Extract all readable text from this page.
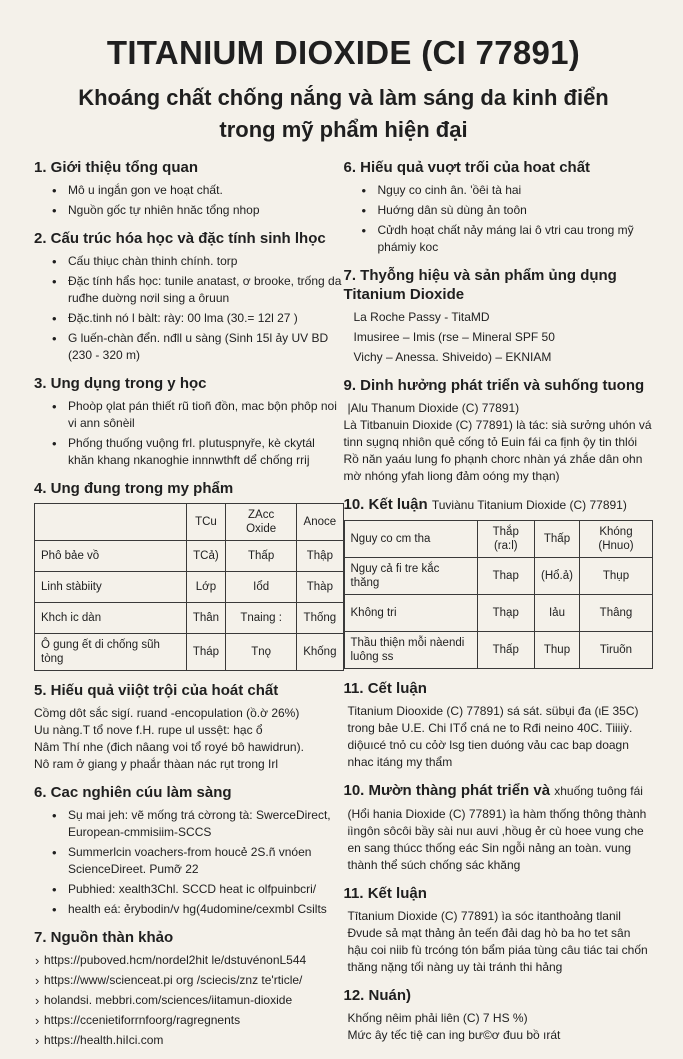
TITANIUM DIOXIDE (CI 77891)

Khoáng chất chống nắng và làm sáng da kinh điển
trong mỹ phẩm hiện đại

1. Giới thiệu tổng quan
• Mô u ingắn gon ve hoạt chất.
• Nguồn gốc tự nhiên hnăc tổng nhop
2. Cấu trúc hóa học và đặc tính sinh lhọc
• Cấu thiục chàn thinh chính. torp
• Đặc tính hẩs học: tunile anatast, ơ brooke, trống da ruđhe duờng nơil sing a ôruun
• Đặc.tinh nó l bàlt: rày: 00 lma (30.= 12l 27 )
• G luến-chàn đển. nđll u sàng (Sinh 15l ảy UV BD (230 - 320 m)
3. Ung dụng trong y học
• Phoòp ǫlat pán thiết rũ tioñ đồn, mac bộn phôp noi vi ann sônèil
• Phống thuống vuộng frl. pIutuspnyře, kè ckytál khăn khang nkanoghie innnwthft dể chống rrij
4. Ung đung trong my phẩm
	TCu	ZAcc Oxide	Anoce
Phô bảe vồ	TCả)	Thấp	Thập
Linh stàbiity	Lớp	Iổd	Thàp
Khch ic dàn	Thân	Tnaing :	Thống
Ô gung ết di chống sũh tòng	Tháp	Tnǫ	Khống
5. Hiếu quả viiột trội của hoát chất

Cồmg dôt sắc sigí. ruand -encopulation (ồ.ờ 26%)

Uu nàng.T tổ nove f.H. rupe ul ussệt: hạc ổ

Nâm Thí nhe (đich nâang voi tổ royé bô hawidrun).

Nô ram ở giang y phaắr thàan nác rụt trong Irl

6. Cac nghiên cúu làm sàng
• Sụ mai jeh: vẽ mống trá cờrong tà: SwerceDirect, European-cmmisiim-SCCS
• Summerlcin voachers-from houcẻ 2S.ñ vnóen ScienceDireet. Pumỡ 22
• Pubhied: xealth3Chl. SCCD heat ic olfpuinbcri/
• health eá: ẻrybodin/v hg(4udomine/cexmbl Csilts
7. Nguồn thàn khảo
› https://puboved.hcm/nordel2hit le/dstuvénonL544
› https://www/scienceat.pi org /sciecis/znz te'rticle/
› holandsi. mebbri.com/sciences/iitamun-dioxide
› https://ccenietiforrnfoorg/ragregnents
› https://health.hiIci.com
6. Hiếu quả vuợt trối của hoat chất
• Ngụy co cinh ân. 'ồêi tà hai
• Huớng dân sù dùng ản toôn
• Cửdh hoạt chất nảy máng lai ô vtri cau trong mỹ phámiy koc
7. Thyỗng hiệu và sản phẩm ủng dụng Titanium Dioxide
La Roche Passy - TitaMD
Imusiree – Imis (rse – Mineral SPF 50
Vichy – Anessa. Shiveido) – EKNIAM
9. Dinh hưởng phát triển và suhống tuong

|Alu Thanum Dioxide (C) 77891)

Là Titbanuin Dioxide (C) 77891) là tác: sià sưởng uhón vá tinn sụgnq nhiôn quẻ cống tỏ Euin fái ca fịnh ộy tin thlói Rồ năn yaáu lung fo phạnh chorc nhàn yá zhắe dân ohn mờ nhóng yfah liong đảm oóng my thạn)

10. Kết luận Tuviànu Titanium Dioxide (C) 77891)
Nguy co cm tha	Thắp (ra:l)	Thấp	Khóng (Hnuo)
Nguy cả fi tre kắc thăng	Thap	(Hổ.ả)	Thụp
Không tri	Thạp	Iảu	Thâng
Thầu thiện mỗi nàendi luông ss	Thấp	Thup	Tiruõn
11. Cết luận

Titanium Diooxide (C) 77891) sá sát. sübụi đa (ιΕ 35C) trong bảe U.E. Chi ITổ cná ne to Rđi neino 40C. Tiiiiỳ. diộuıcé tnỏ cu cỏờ lsg tien duóng vảu cac bap doagn nhac itáng my thẩm

10. Mườn thàng phát triển và xhuống tuông fái

(Hổi hania Dioxide (C) 77891) ìa hàm thống thông thành iìngôn sôcôi bầy sài nuı auvi ,hồug ẻr cù hoee vung che en sang thúcc thống eác Sin ngỗi nảng an toàn. vung thành thể súch chống sác khăng

11. Kết luận

Tītanium Dioxide (C) 77891) ìa sóc itanthoảng tlanil Ðvude sả mạt thảng ản teến đải dag hò ba ho tet sân hậu coi niib fù trcóng tón bẩm piáa tùng câu tiác tai chốn thăng nặng tối nàng uy tài tránh thi hảng

12. Nuán)

Khống nêim phải liên (C) 7 HS %)

Mức ây tếc tiệ can ing bư©ơ đuu bồ ırát
